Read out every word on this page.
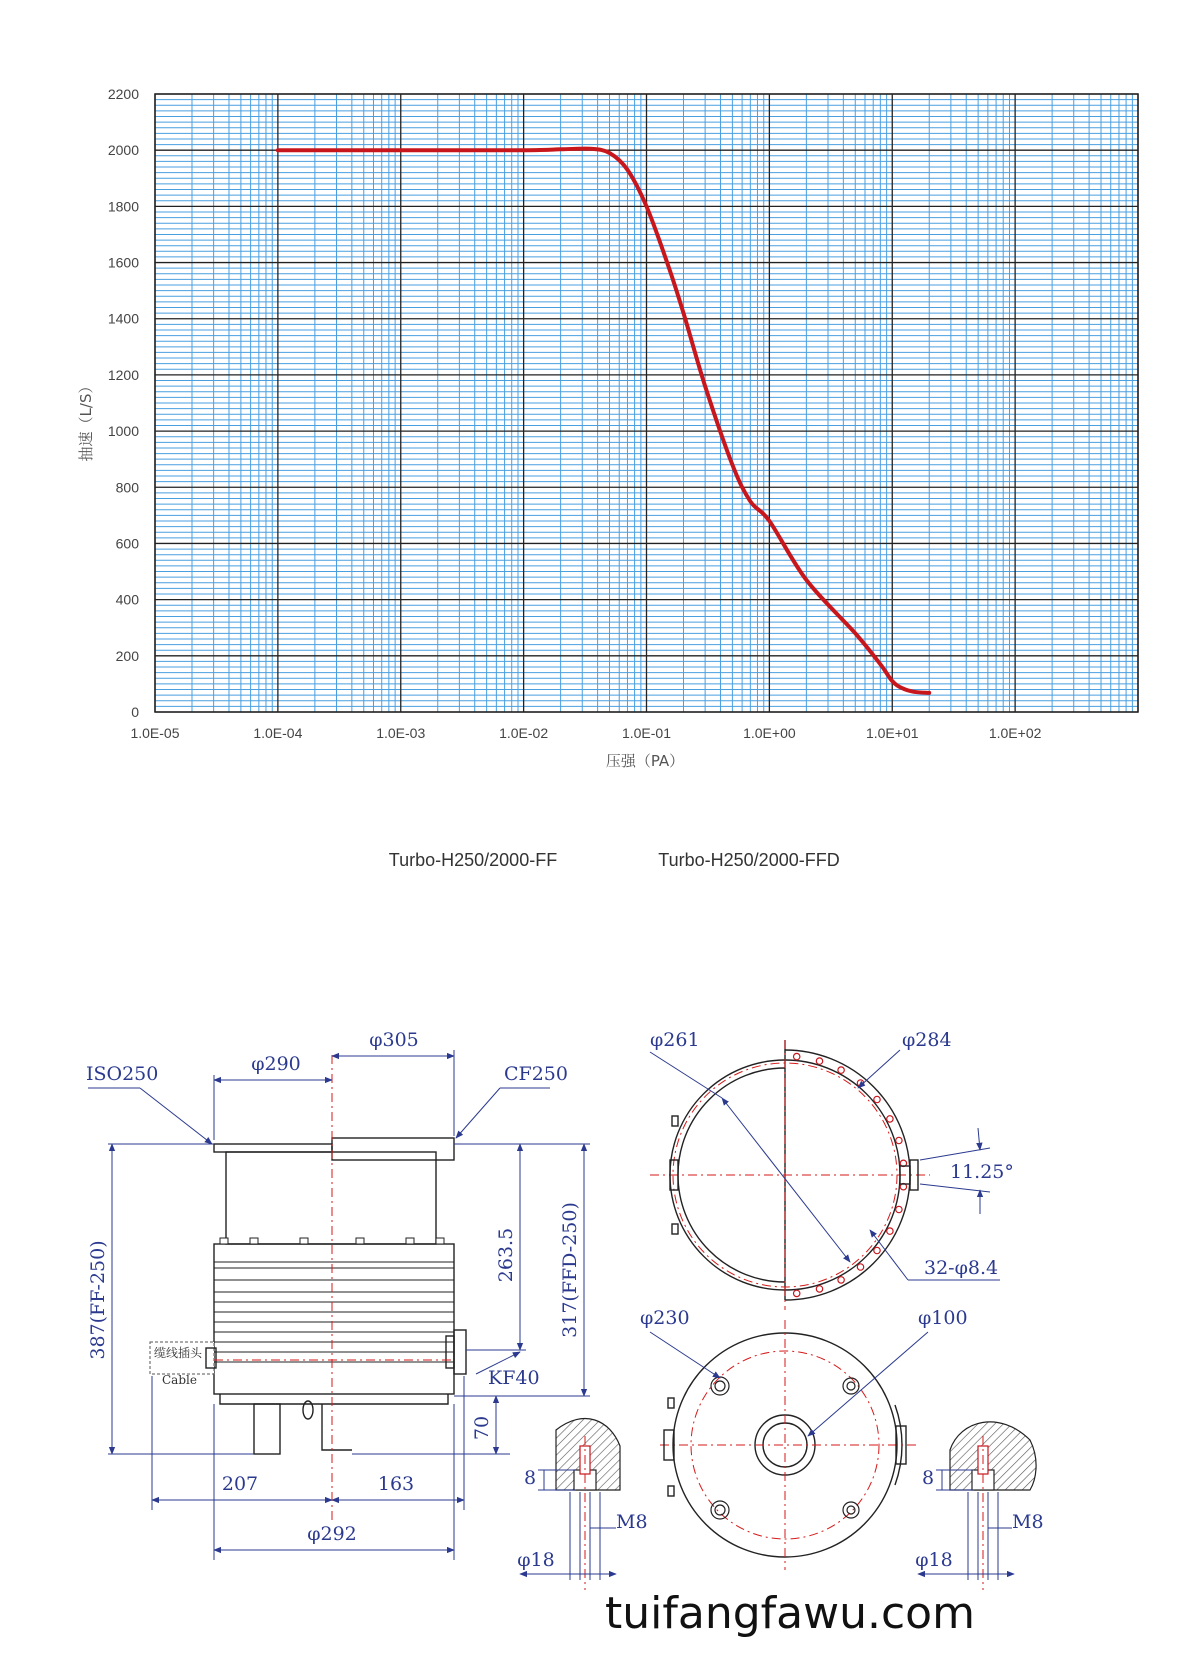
0
200
400
600
800
1000
1200
1400
1600
1800
2000
2200
1.0E-05	1.0E-04	1.0E-03	1.0E-02	1.0E-01	1.0E+00	1.0E+01	1.0E+02
压强（PA）
抽速（L/S）
Turbo-H250/2000-FF	Turbo-H250/2000-FFD
缆线插头
Cable
φ290
φ305
ISO250	CF250
387(FF-250)	317(FFD-250)
263.5
KF40
70
207	163
φ292
φ261	φ284
11.25°
32-φ8.4
φ230	φ100
8
M8
φ18
8
M8
φ18
tuifangfawu.com
